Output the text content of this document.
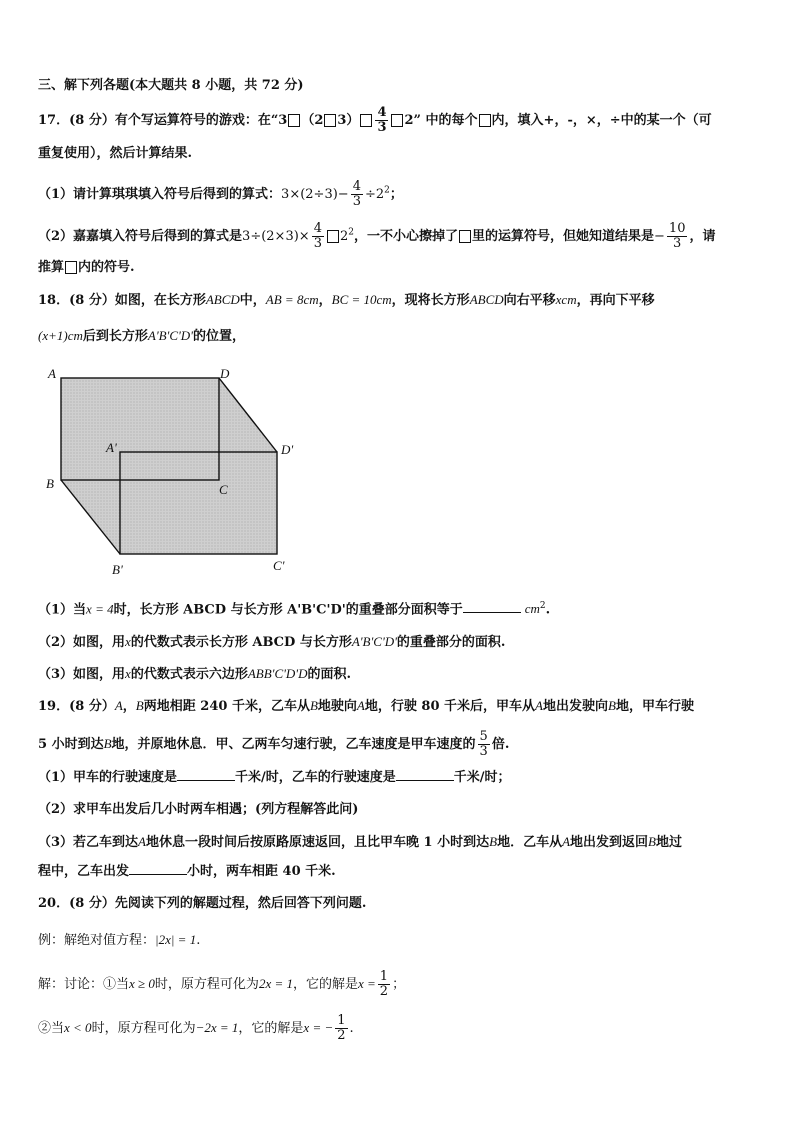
三、解下列各题(本大题共 8 小题，共 72 分)
17．(8 分）有个写运算符号的游戏：在“3 （2 $3) \frac{4}{3} 2$” 中的每个 内，填入+，-，×，÷中的某一个（可
重复使用），然后计算结果.
（1）请计算琪琪填入符号后得到的算式：$3\times(2\div 3)- \frac{4}{3} \div 2^2$；
（2）嘉嘉填入符号后得到的算式是$3\div(2\times 3)\times \frac{4}{3} 2^2$，一不小心擦掉了 里的运算符号，但她知道结果是− $\frac{10}{3}$ ，请
推算 内的符号.
18．(8 分）如图，在长方形ABCD中，AB = 8cm，BC = 10cm，现将长方形ABCD向右平移xcm，再向下平移
(x+1)cm后到长方形A'B'C'D'的位置，
A	D
A'	D'
B	C
B'	C'
（1）当x = 4时，长方形 ABCD 与长方形 A'B'C'D'的重叠部分面积等于	$cm^2$.
（2）如图，用x的代数式表示长方形 ABCD 与长方形A'B'C'D'的重叠部分的面积.
（3）如图，用x的代数式表示六边形ABB'C'D'D的面积.
19．(8 分）A，B两地相距 240 千米，乙车从B地驶向A地，行驶 80 千米后，甲车从A地出发驶向B地，甲车行驶
5 小时到达B地，并原地休息．甲、乙两车匀速行驶，乙车速度是甲车速度的 $\frac{5}{3}$ 倍.
（1）甲车的行驶速度是	千米/时，乙车的行驶速度是	千米/时；
（2）求甲车出发后几小时两车相遇；(列方程解答此问)
（3）若乙车到达A地休息一段时间后按原路原速返回，且比甲车晚 1 小时到达B地．乙车从A地出发到返回B地过
程中，乙车出发	小时，两车相距 40 千米.
20．(8 分）先阅读下列的解题过程，然后回答下列问题.
例：解绝对值方程：|2x| = 1.
解：讨论：①当x ≥ 0时，原方程可化为2x = 1，它的解是$x = \frac{1}{2}$ ；
②当x < 0时，原方程可化为−2x = 1，它的解是x = − $\frac{1}{2}$ .
